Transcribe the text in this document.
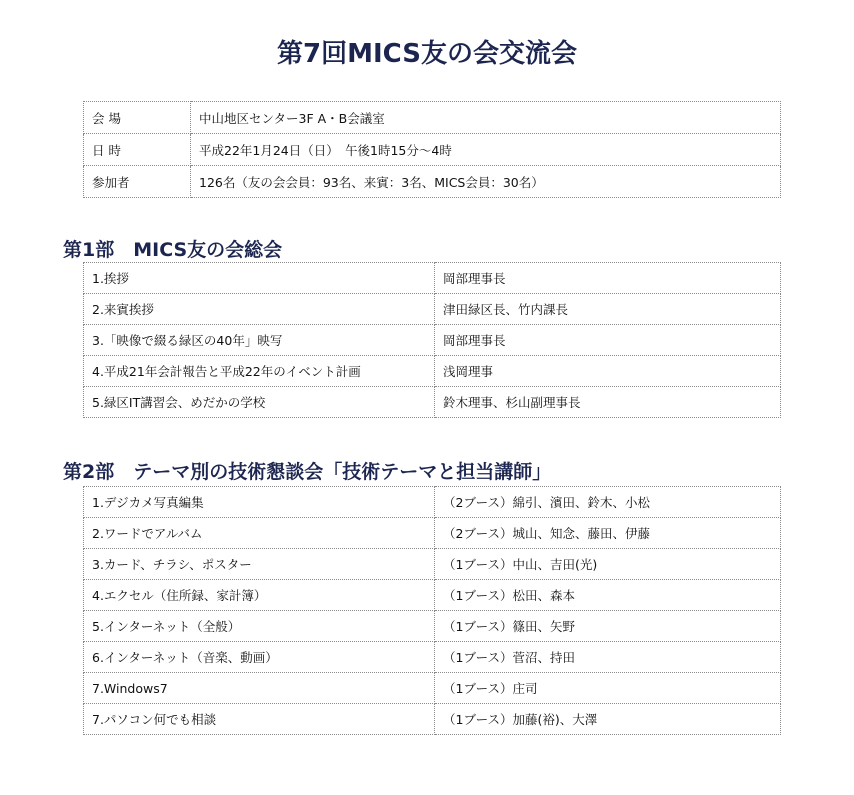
第7回MICS友の会交流会
会 場	中山地区センター3F A・B会議室
日 時	平成22年1月24日（日）　午後1時15分～4時
参加者	126名（友の会会員：93名、来賓：3名、MICS会員：30名）
第1部　MICS友の会総会
1.挨拶	岡部理事長
2.来賓挨拶	津田緑区長、竹内課長
3.「映像で綴る緑区の40年」映写	岡部理事長
4.平成21年会計報告と平成22年のイベント計画	浅岡理事
5.緑区IT講習会、めだかの学校	鈴木理事、杉山副理事長
第2部　テーマ別の技術懇談会「技術テーマと担当講師」
1.デジカメ写真編集	（2ブース）綿引、濱田、鈴木、小松
2.ワードでアルバム	（2ブース）城山、知念、藤田、伊藤
3.カード、チラシ、ポスター	（1ブース）中山、吉田(光)
4.エクセル（住所録、家計簿）	（1ブース）松田、森本
5.インターネット（全般）	（1ブース）篠田、矢野
6.インターネット（音楽、動画）	（1ブース）菅沼、持田
7.Windows7	（1ブース）庄司
7.パソコン何でも相談	（1ブース）加藤(裕)、大澤
